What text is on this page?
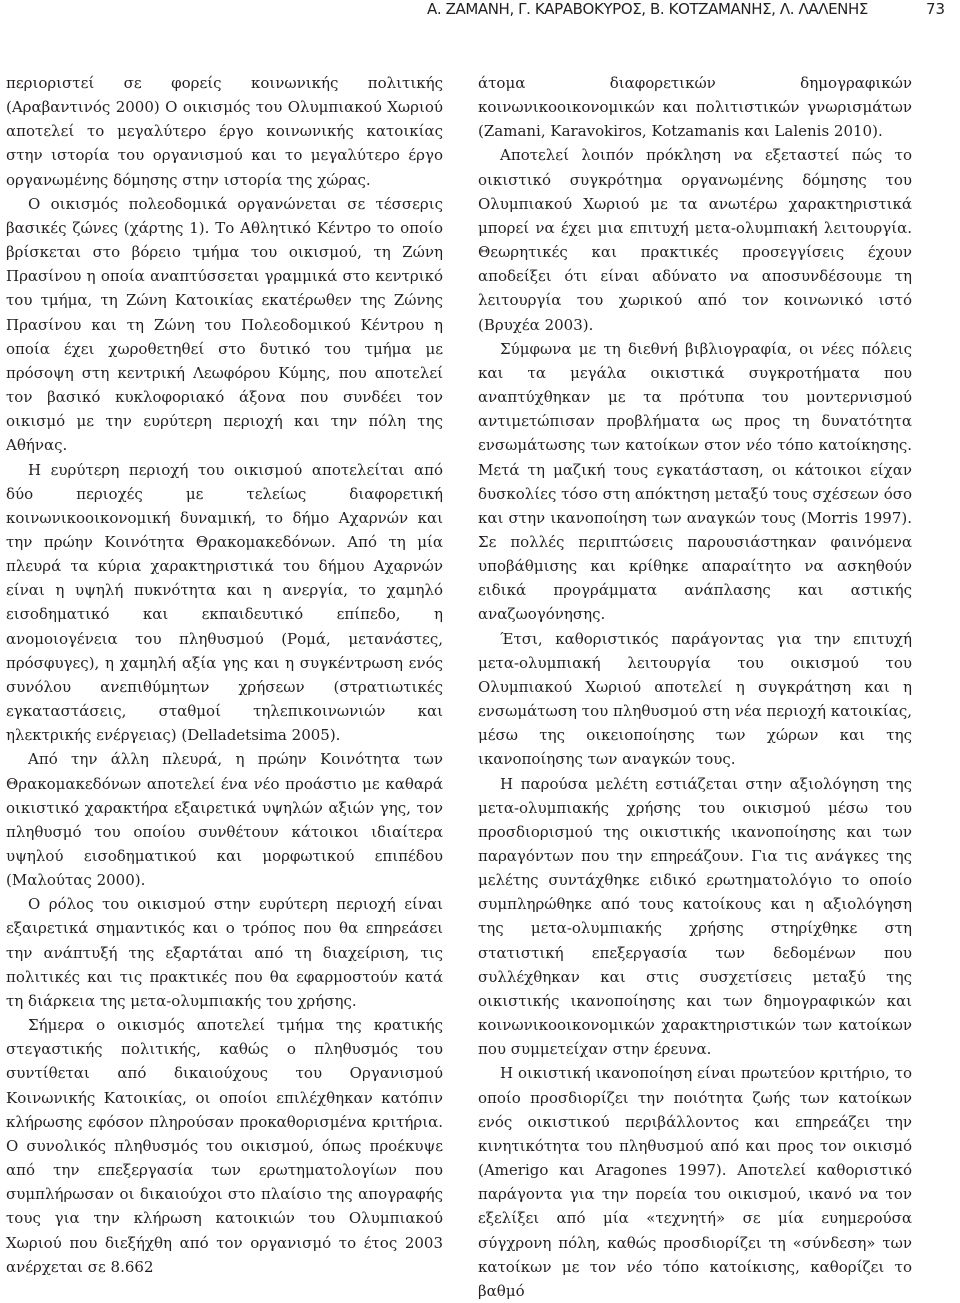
Α. ΖΑΜΑΝΗ, Γ. ΚΑΡΑΒΟΚΥΡΟΣ, Β. ΚΟΤΖΑΜΑΝΗΣ, Λ. ΛΑΛΕΝΗΣ	73

περιοριστεί σε φορείς κοινωνικής πολιτικής (Αραβαντινός 2000) Ο οικισμός του Ολυμπιακού Χωριού αποτελεί το μεγαλύτερο έργο κοινωνικής κατοικίας στην ιστορία του οργανισμού και το μεγαλύτερο έργο οργανωμένης δόμησης στην ιστορία της χώρας.

Ο οικισμός πολεοδομικά οργανώνεται σε τέσσερις βασικές ζώνες (χάρτης 1). Το Αθλητικό Κέντρο το οποίο βρίσκεται στο βόρειο τμήμα του οικισμού, τη Ζώνη Πρασίνου η οποία αναπτύσσεται γραμμικά στο κεντρικό του τμήμα, τη Ζώνη Κατοικίας εκατέρωθεν της Ζώνης Πρασίνου και τη Ζώνη του Πολεοδομικού Κέντρου η οποία έχει χωροθετηθεί στο δυτικό του τμήμα με πρόσοψη στη κεντρική Λεωφόρου Κύμης, που αποτελεί τον βασικό κυκλοφοριακό άξονα που συνδέει τον οικισμό με την ευρύτερη περιοχή και την πόλη της Αθήνας.

Η ευρύτερη περιοχή του οικισμού αποτελείται από δύο περιοχές με τελείως διαφορετική κοινωνικοοικονομική δυναμική, το δήμο Αχαρνών και την πρώην Κοινότητα Θρακομακεδόνων. Από τη μία πλευρά τα κύρια χαρακτηριστικά του δήμου Αχαρνών είναι η υψηλή πυκνότητα και η ανεργία, το χαμηλό εισοδηματικό και εκπαιδευτικό επίπεδο, η ανομοιογένεια του πληθυσμού (Ρομά, μετανάστες, πρόσφυγες), η χαμηλή αξία γης και η συγκέντρωση ενός συνόλου ανεπιθύμητων χρήσεων (στρατιωτικές εγκαταστάσεις, σταθμοί τηλεπικοινωνιών και ηλεκτρικής ενέργειας) (Delladetsima 2005).

Από την άλλη πλευρά, η πρώην Κοινότητα των Θρακομακεδόνων αποτελεί ένα νέο προάστιο με καθαρά οικιστικό χαρακτήρα εξαιρετικά υψηλών αξιών γης, τον πληθυσμό του οποίου συνθέτουν κάτοικοι ιδιαίτερα υψηλού εισοδηματικού και μορφωτικού επιπέδου (Μαλούτας 2000).

Ο ρόλος του οικισμού στην ευρύτερη περιοχή είναι εξαιρετικά σημαντικός και ο τρόπος που θα επηρεάσει την ανάπτυξή της εξαρτάται από τη διαχείριση, τις πολιτικές και τις πρακτικές που θα εφαρμοστούν κατά τη διάρκεια της μετα-ολυμπιακής του χρήσης.

Σήμερα ο οικισμός αποτελεί τμήμα της κρατικής στεγαστικής πολιτικής, καθώς ο πληθυσμός του συντίθεται από δικαιούχους του Οργανισμού Κοινωνικής Κατοικίας, οι οποίοι επιλέχθηκαν κατόπιν κλήρωσης εφόσον πληρούσαν προκαθορισμένα κριτήρια. Ο συνολικός πληθυσμός του οικισμού, όπως προέκυψε από την επεξεργασία των ερωτηματολογίων που συμπλήρωσαν οι δικαιούχοι στο πλαίσιο της απογραφής τους για την κλήρωση κατοικιών του Ολυμπιακού Χωριού που διεξήχθη από τον οργανισμό το έτος 2003 ανέρχεται σε 8.662

άτομα διαφορετικών δημογραφικών κοινωνικοοικονομικών και πολιτιστικών γνωρισμάτων (Zamani, Karavokiros, Kotzamanis και Lalenis 2010).

Αποτελεί λοιπόν πρόκληση να εξεταστεί πώς το οικιστικό συγκρότημα οργανωμένης δόμησης του Ολυμπιακού Χωριού με τα ανωτέρω χαρακτηριστικά μπορεί να έχει μια επιτυχή μετα-ολυμπιακή λειτουργία. Θεωρητικές και πρακτικές προσεγγίσεις έχουν αποδείξει ότι είναι αδύνατο να αποσυνδέσουμε τη λειτουργία του χωρικού από τον κοινωνικό ιστό (Βρυχέα 2003).

Σύμφωνα με τη διεθνή βιβλιογραφία, οι νέες πόλεις και τα μεγάλα οικιστικά συγκροτήματα που αναπτύχθηκαν με τα πρότυπα του μοντερνισμού αντιμετώπισαν προβλήματα ως προς τη δυνατότητα ενσωμάτωσης των κατοίκων στον νέο τόπο κατοίκησης. Μετά τη μαζική τους εγκατάσταση, οι κάτοικοι είχαν δυσκολίες τόσο στη απόκτηση μεταξύ τους σχέσεων όσο και στην ικανοποίηση των αναγκών τους (Morris 1997). Σε πολλές περιπτώσεις παρουσιάστηκαν φαινόμενα υποβάθμισης και κρίθηκε απαραίτητο να ασκηθούν ειδικά προγράμματα ανάπλασης και αστικής αναζωογόνησης.

Έτσι, καθοριστικός παράγοντας για την επιτυχή μετα-ολυμπιακή λειτουργία του οικισμού του Ολυμπιακού Χωριού αποτελεί η συγκράτηση και η ενσωμάτωση του πληθυσμού στη νέα περιοχή κατοικίας, μέσω της οικειοποίησης των χώρων και της ικανοποίησης των αναγκών τους.

Η παρούσα μελέτη εστιάζεται στην αξιολόγηση της μετα-ολυμπιακής χρήσης του οικισμού μέσω του προσδιορισμού της οικιστικής ικανοποίησης και των παραγόντων που την επηρεάζουν. Για τις ανάγκες της μελέτης συντάχθηκε ειδικό ερωτηματολόγιο το οποίο συμπληρώθηκε από τους κατοίκους και η αξιολόγηση της μετα-ολυμπιακής χρήσης στηρίχθηκε στη στατιστική επεξεργασία των δεδομένων που συλλέχθηκαν και στις συσχετίσεις μεταξύ της οικιστικής ικανοποίησης και των δημογραφικών και κοινωνικοοικονομικών χαρακτηριστικών των κατοίκων που συμμετείχαν στην έρευνα.

Η οικιστική ικανοποίηση είναι πρωτεύον κριτήριο, το οποίο προσδιορίζει την ποιότητα ζωής των κατοίκων ενός οικιστικού περιβάλλοντος και επηρεάζει την κινητικότητα του πληθυσμού από και προς τον οικισμό (Amerigo και Aragones 1997). Αποτελεί καθοριστικό παράγοντα για την πορεία του οικισμού, ικανό να τον εξελίξει από μία «τεχνητή» σε μία ευημερούσα σύγχρονη πόλη, καθώς προσδιορίζει τη «σύνδεση» των κατοίκων με τον νέο τόπο κατοίκισης, καθορίζει το βαθμό
